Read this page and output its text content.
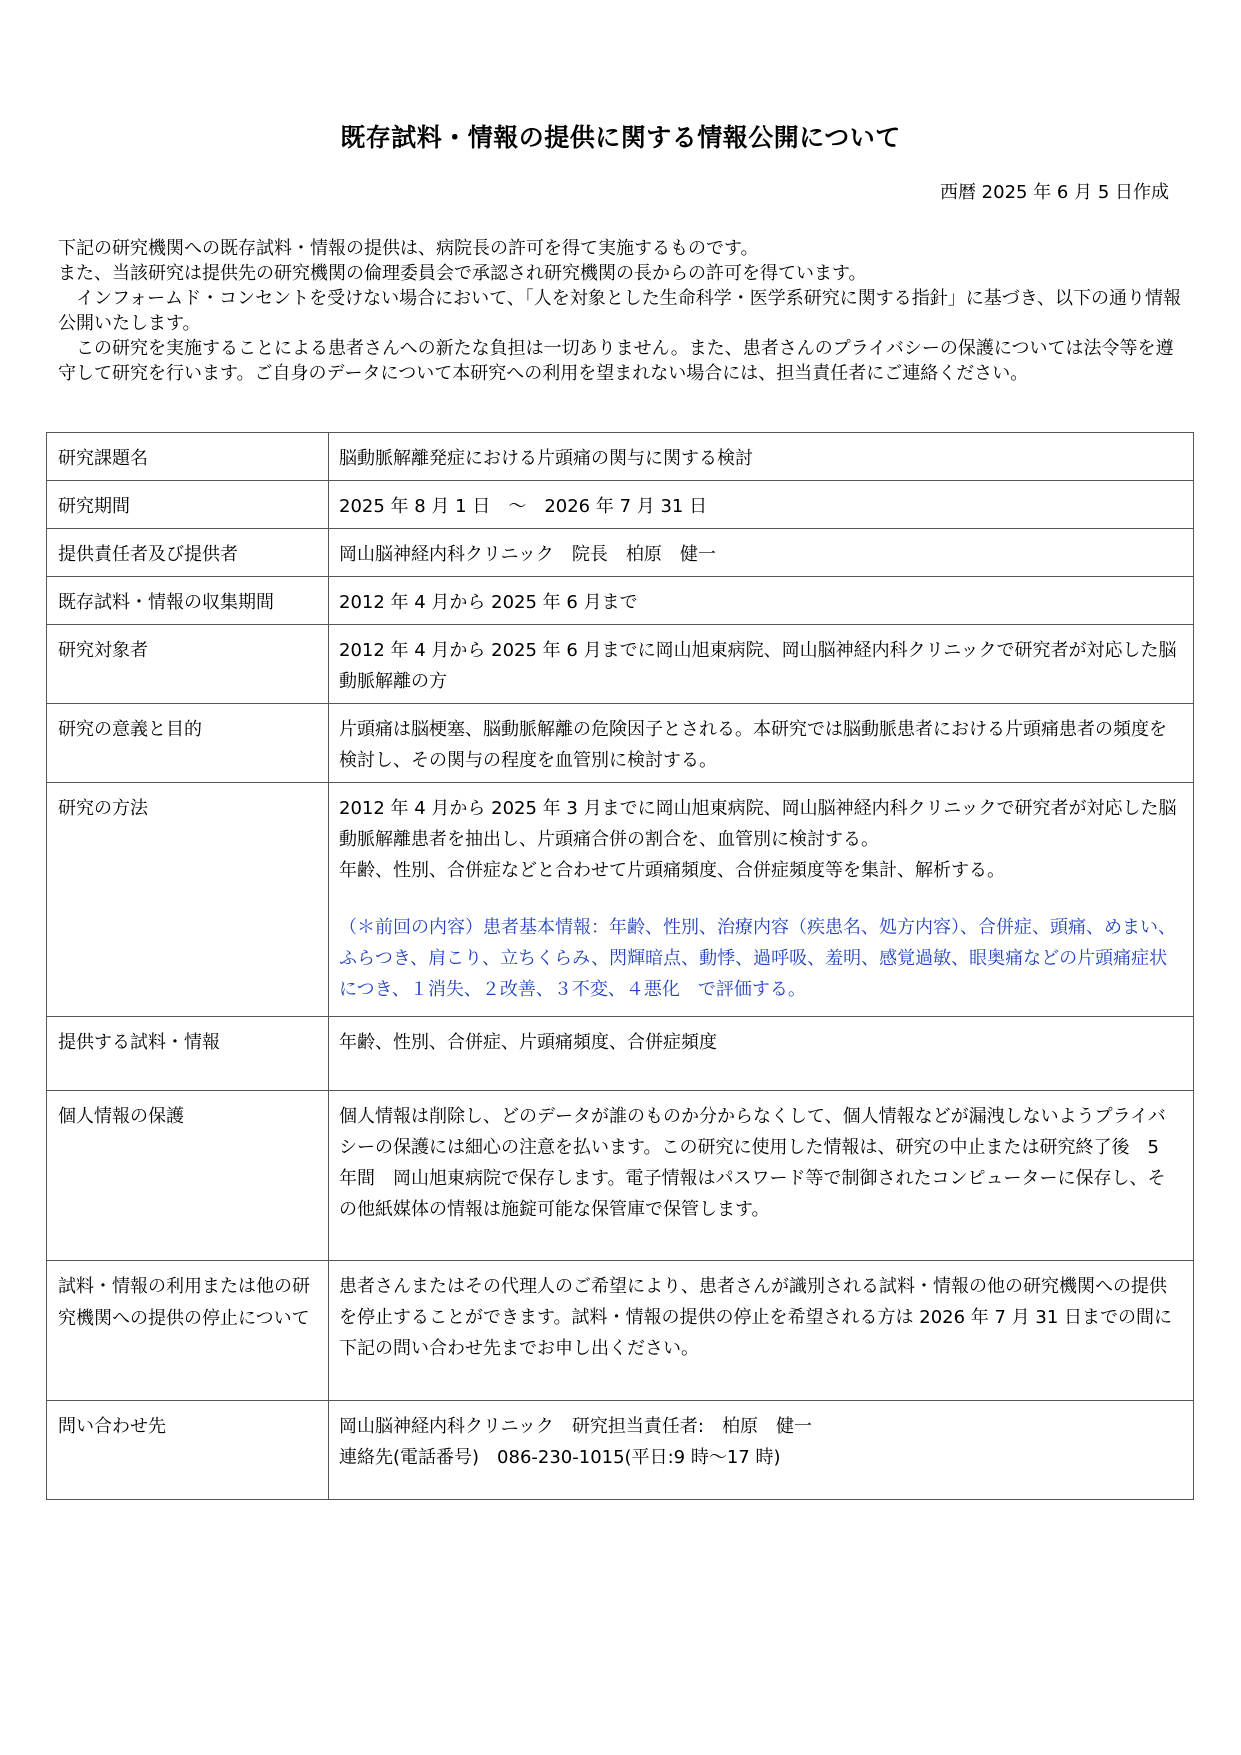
既存試料・情報の提供に関する情報公開について
西暦 2025 年 6 月 5 日作成

下記の研究機関への既存試料・情報の提供は、病院長の許可を得て実施するものです。

また、当該研究は提供先の研究機関の倫理委員会で承認され研究機関の長からの許可を得ています。

　インフォームド・コンセントを受けない場合において、「人を対象とした生命科学・医学系研究に関する指針」に基づき、以下の通り情報公開いたします。

　この研究を実施することによる患者さんへの新たな負担は一切ありません。また、患者さんのプライバシーの保護については法令等を遵守して研究を行います。ご自身のデータについて本研究への利用を望まれない場合には、担当責任者にご連絡ください。

研究課題名	脳動脈解離発症における片頭痛の関与に関する検討
研究期間	2025 年 8 月 1 日　～　2026 年 7 月 31 日
提供責任者及び提供者	岡山脳神経内科クリニック　院長　柏原　健一
既存試料・情報の収集期間	2012 年 4 月から 2025 年 6 月まで
研究対象者	2012 年 4 月から 2025 年 6 月までに岡山旭東病院、岡山脳神経内科クリニックで研究者が対応した脳動脈解離の方
研究の意義と目的	片頭痛は脳梗塞、脳動脈解離の危険因子とされる。本研究では脳動脈患者における片頭痛患者の頻度を検討し、その関与の程度を血管別に検討する。
研究の方法	2012 年 4 月から 2025 年 3 月までに岡山旭東病院、岡山脳神経内科クリニックで研究者が対応した脳動脈解離患者を抽出し、片頭痛合併の割合を、血管別に検討する。

年齢、性別、合併症などと合わせて片頭痛頻度、合併症頻度等を集計、解析する。

（＊前回の内容）患者基本情報：年齢、性別、治療内容（疾患名、処方内容）、合併症、頭痛、めまい、ふらつき、肩こり、立ちくらみ、閃輝暗点、動悸、過呼吸、羞明、感覚過敏、眼奥痛などの片頭痛症状につき、１消失、２改善、３不変、４悪化　で評価する。

提供する試料・情報	年齢、性別、合併症、片頭痛頻度、合併症頻度
個人情報の保護	個人情報は削除し、どのデータが誰のものか分からなくして、個人情報などが漏洩しないようプライバシーの保護には細心の注意を払います。この研究に使用した情報は、研究の中止または研究終了後　5　年間　岡山旭東病院で保存します。電子情報はパスワード等で制御されたコンピューターに保存し、その他紙媒体の情報は施錠可能な保管庫で保管します。
試料・情報の利用または他の研究機関への提供の停止について	患者さんまたはその代理人のご希望により、患者さんが識別される試料・情報の他の研究機関への提供を停止することができます。試料・情報の提供の停止を希望される方は 2026 年 7 月 31 日までの間に下記の問い合わせ先までお申し出ください。
問い合わせ先	岡山脳神経内科クリニック　研究担当責任者:　柏原　健一

連絡先(電話番号)　086-230-1015(平日:9 時～17 時)
